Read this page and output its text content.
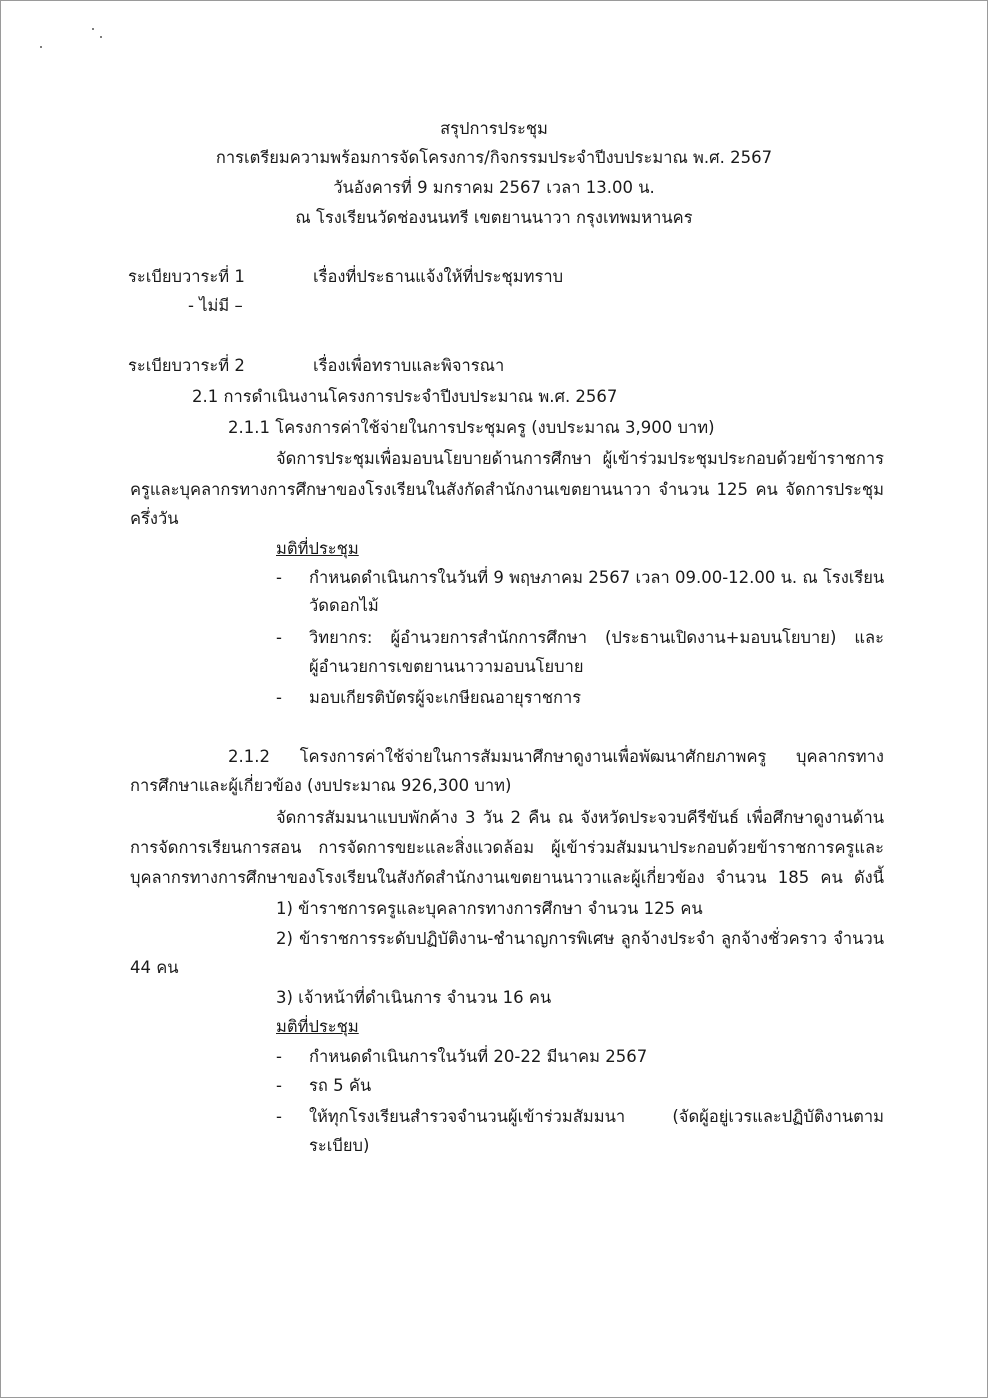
สรุปการประชุม
การเตรียมความพร้อมการจัดโครงการ/กิจกรรมประจำปีงบประมาณ พ.ศ. 2567
วันอังคารที่ 9 มกราคม 2567 เวลา 13.00 น.
ณ โรงเรียนวัดช่องนนทรี เขตยานนาวา กรุงเทพมหานคร
ระเบียบวาระที่ 1	เรื่องที่ประธานแจ้งให้ที่ประชุมทราบ
- ไม่มี –
ระเบียบวาระที่ 2	เรื่องเพื่อทราบและพิจารณา
2.1 การดำเนินงานโครงการประจำปีงบประมาณ พ.ศ. 2567
2.1.1 โครงการค่าใช้จ่ายในการประชุมครู (งบประมาณ 3,900 บาท)
จัดการประชุมเพื่อมอบนโยบายด้านการศึกษา ผู้เข้าร่วมประชุมประกอบด้วยข้าราชการ
ครูและบุคลากรทางการศึกษาของโรงเรียนในสังกัดสำนักงานเขตยานนาวา จำนวน 125 คน จัดการประชุม
ครึ่งวัน
มติที่ประชุม
- กำหนดดำเนินการในวันที่ 9 พฤษภาคม 2567 เวลา 09.00-12.00 น. ณ โรงเรียน
วัดดอกไม้
- วิทยากร: ผู้อำนวยการสำนักการศึกษา (ประธานเปิดงาน+มอบนโยบาย) และ
ผู้อำนวยการเขตยานนาวามอบนโยบาย
- มอบเกียรติบัตรผู้จะเกษียณอายุราชการ
2.1.2 โครงการค่าใช้จ่ายในการสัมมนาศึกษาดูงานเพื่อพัฒนาศักยภาพครู บุคลากรทาง
การศึกษาและผู้เกี่ยวข้อง (งบประมาณ 926,300 บาท)
จัดการสัมมนาแบบพักค้าง 3 วัน 2 คืน ณ จังหวัดประจวบคีรีขันธ์ เพื่อศึกษาดูงานด้าน
การจัดการเรียนการสอน การจัดการขยะและสิ่งแวดล้อม ผู้เข้าร่วมสัมมนาประกอบด้วยข้าราชการครูและ
บุคลากรทางการศึกษาของโรงเรียนในสังกัดสำนักงานเขตยานนาวาและผู้เกี่ยวข้อง จำนวน 185 คน ดังนี้
1) ข้าราชการครูและบุคลากรทางการศึกษา จำนวน 125 คน
2) ข้าราชการระดับปฏิบัติงาน-ชำนาญการพิเศษ ลูกจ้างประจำ ลูกจ้างชั่วคราว จำนวน
44 คน
3) เจ้าหน้าที่ดำเนินการ จำนวน 16 คน
มติที่ประชุม
- กำหนดดำเนินการในวันที่ 20-22 มีนาคม 2567
- รถ 5 คัน
- ให้ทุกโรงเรียนสำรวจจำนวนผู้เข้าร่วมสัมมนา (จัดผู้อยู่เวรและปฏิบัติงานตาม
ระเบียบ)
